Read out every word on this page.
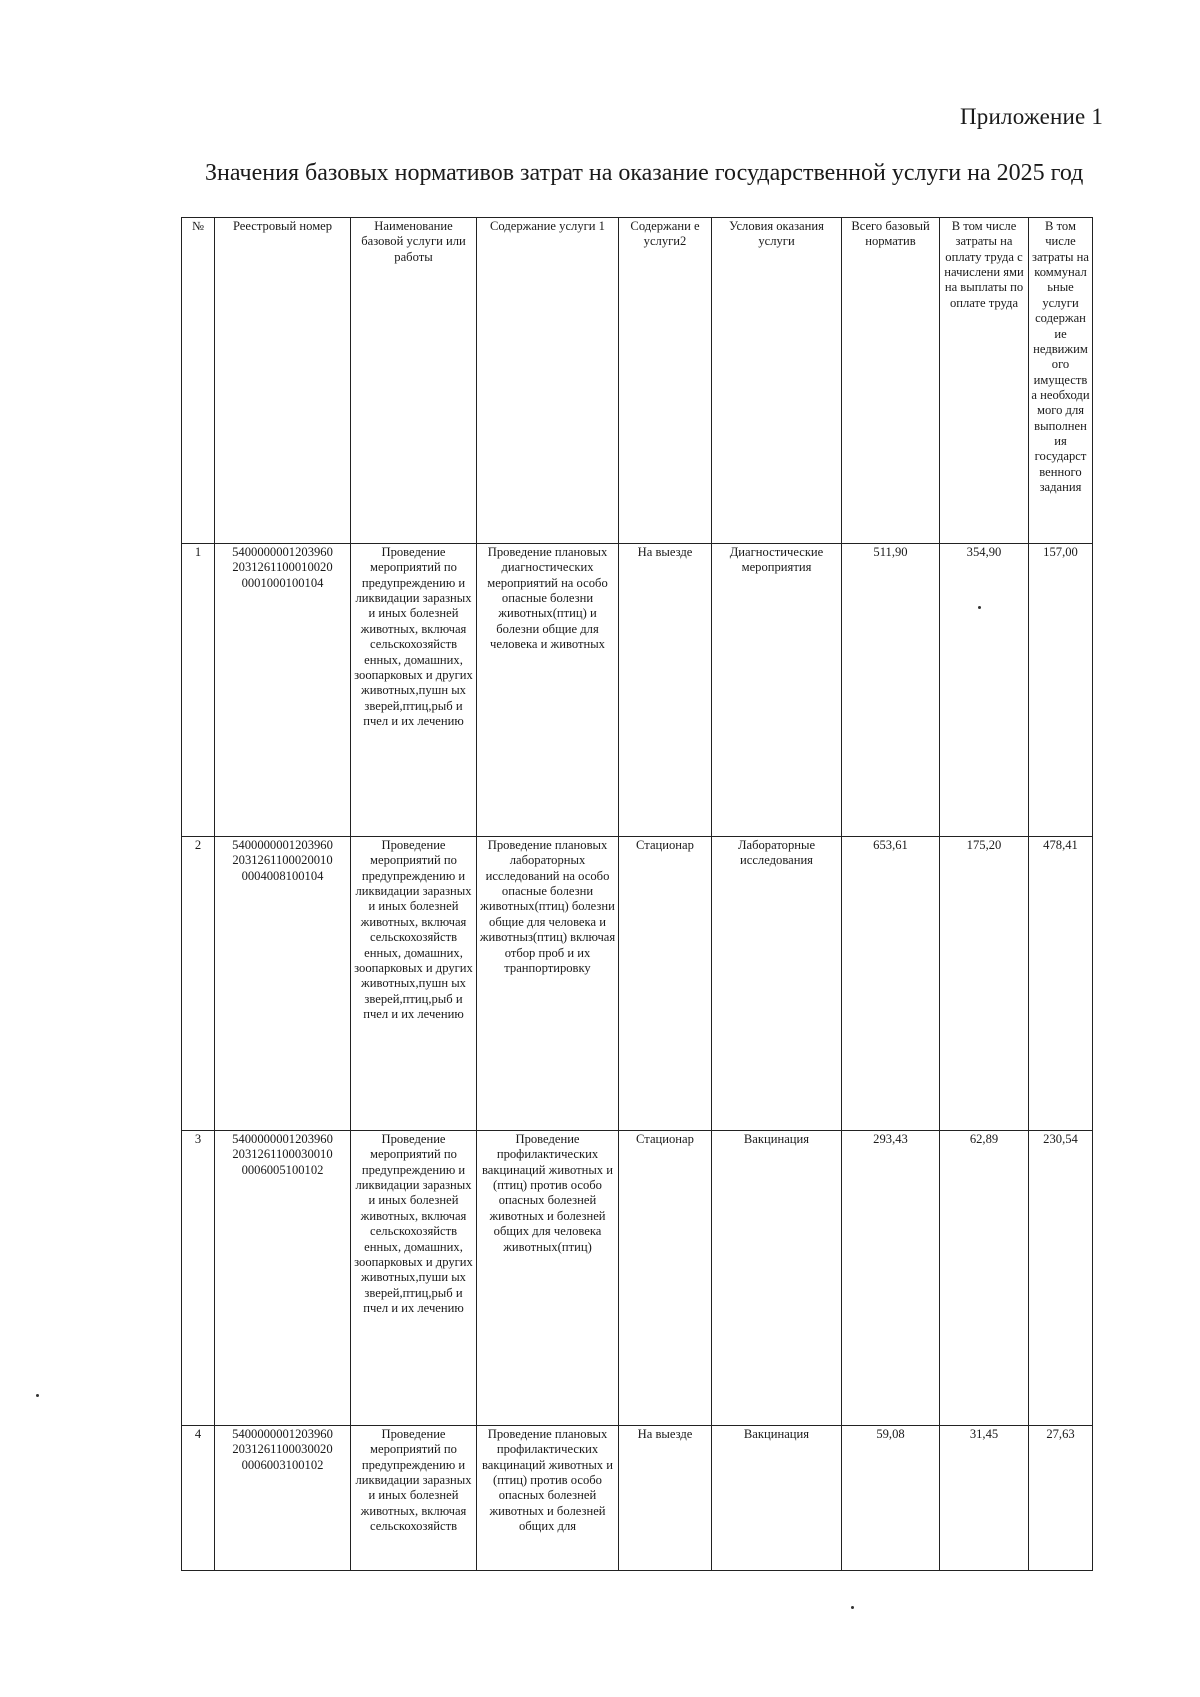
Приложение 1
Значения базовых нормативов затрат на оказание государственной услуги на 2025 год
№	Реестровый номер	Наименование базовой услуги или работы	Содержание услуги 1	Содержани е услуги2	Условия оказания услуги	Всего базовый норматив	В том числе затраты на оплату труда с начислени ями на выплаты по оплате труда	В том числе затраты на коммунал ьные услуги содержан ие недвижим ого имуществ а необходи мого для выполнен ия государст венного задания
1	5400000001203960 2031261100010020 0001000100104	Проведение мероприятий по предупреждению и ликвидации заразных и иных болезней животных, включая сельскохозяйств енных, домашних, зоопарковых и других животных,пушн ых зверей,птиц,рыб и пчел и их лечению	Проведение плановых диагностических мероприятий на особо опасные болезни животных(птиц) и болезни общие для человека и животных	На выезде	Диагностические мероприятия	511,90	354,90	157,00
2	5400000001203960 2031261100020010 0004008100104	Проведение мероприятий по предупреждению и ликвидации заразных и иных болезней животных, включая сельскохозяйств енных, домашних, зоопарковых и других животных,пушн ых зверей,птиц,рыб и пчел и их лечению	Проведение плановых лабораторных исследований на особо опасные болезни животных(птиц) болезни общие для человека и животныз(птиц) включая отбор проб и их транпортировку	Стационар	Лабораторные исследования	653,61	175,20	478,41
3	5400000001203960 2031261100030010 0006005100102	Проведение мероприятий по предупреждению и ликвидации заразных и иных болезней животных, включая сельскохозяйств енных, домашних, зоопарковых и других животных,пуши ых зверей,птиц,рыб и пчел и их лечению	Проведение профилактических вакцинаций животных и (птиц) против особо опасных болезней животных и болезней общих для человека животных(птиц)	Стационар	Вакцинация	293,43	62,89	230,54
4	5400000001203960 2031261100030020 0006003100102	Проведение мероприятий по предупреждению и ликвидации заразных и иных болезней животных, включая сельскохозяйств	Проведение плановых профилактических вакцинаций животных и (птиц) против особо опасных болезней животных и болезней общих для	На выезде	Вакцинация	59,08	31,45	27,63
